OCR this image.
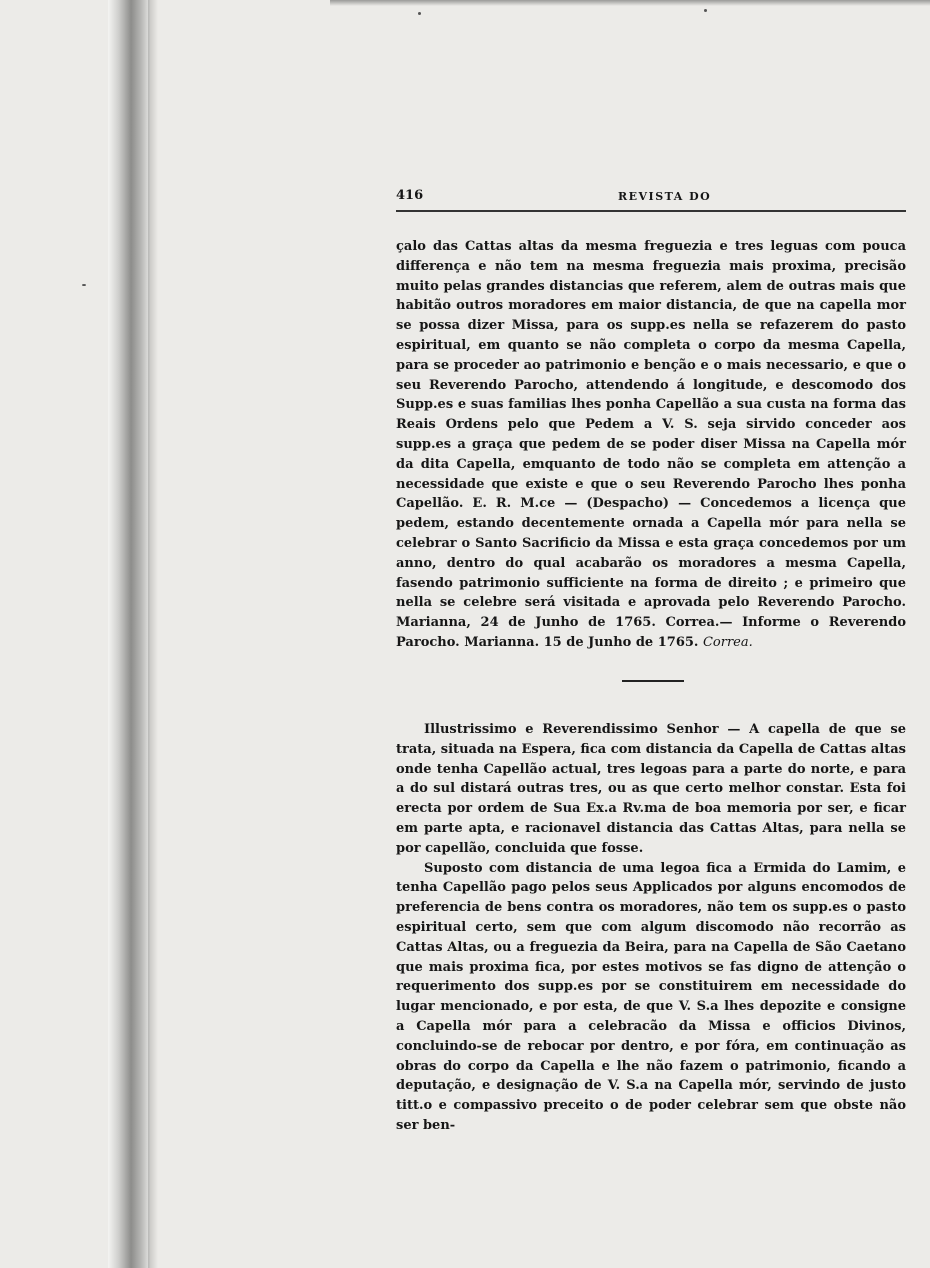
416	REVISTA DO

çalo das Cattas altas da mesma freguezia e tres leguas com pouca differença e não tem na mesma freguezia mais proxima, precisão muito pelas grandes distancias que referem, alem de outras mais que habitão outros moradores em maior distancia, de que na capella mor se possa dizer Missa, para os supp.es nella se refazerem do pasto espiritual, em quanto se não completa o corpo da mesma Capella, para se proceder ao patrimonio e benção e o mais necessario, e que o seu Reverendo Parocho, attendendo á longitude, e descomodo dos Supp.es e suas familias lhes ponha Capellão a sua custa na forma das Reais Ordens pelo que Pedem a V. S. seja sirvido conceder aos supp.es a graça que pedem de se poder diser Missa na Capella mór da dita Capella, emquanto de todo não se completa em attenção a necessidade que existe e que o seu Reverendo Parocho lhes ponha Capellão. E. R. M.ce — (Despacho) — Concedemos a licença que pedem, estando decentemente ornada a Capella mór para nella se celebrar o Santo Sacrificio da Missa e esta graça concedemos por um anno, dentro do qual acabarão os moradores a mesma Capella, fasendo patrimonio sufficiente na forma de direito ; e primeiro que nella se celebre será visitada e aprovada pelo Reverendo Parocho. Marianna, 24 de Junho de 1765. Correa.— Informe o Reverendo Parocho. Marianna. 15 de Junho de 1765. Correa.

Illustrissimo e Reverendissimo Senhor — A capella de que se trata, situada na Espera, fica com distancia da Capella de Cattas altas onde tenha Capellão actual, tres legoas para a parte do norte, e para a do sul distará outras tres, ou as que certo melhor constar. Esta foi erecta por ordem de Sua Ex.a Rv.ma de boa memoria por ser, e ficar em parte apta, e racionavel distancia das Cattas Altas, para nella se por capellão, concluida que fosse.

Suposto com distancia de uma legoa fica a Ermida do Lamim, e tenha Capellão pago pelos seus Applicados por alguns encomodos de preferencia de bens contra os moradores, não tem os supp.es o pasto espiritual certo, sem que com algum discomodo não recorrão as Cattas Altas, ou a freguezia da Beira, para na Capella de São Caetano que mais proxima fica, por estes motivos se fas digno de attenção o requerimento dos supp.es por se constituirem em necessidade do lugar mencionado, e por esta, de que V. S.a lhes depozite e consigne a Capella mór para a celebracão da Missa e officios Divinos, concluindo-se de rebocar por dentro, e por fóra, em continuação as obras do corpo da Capella e lhe não fazem o patrimonio, ficando a deputação, e designação de V. S.a na Capella mór, servindo de justo titt.o e compassivo preceito o de poder celebrar sem que obste não ser ben-
